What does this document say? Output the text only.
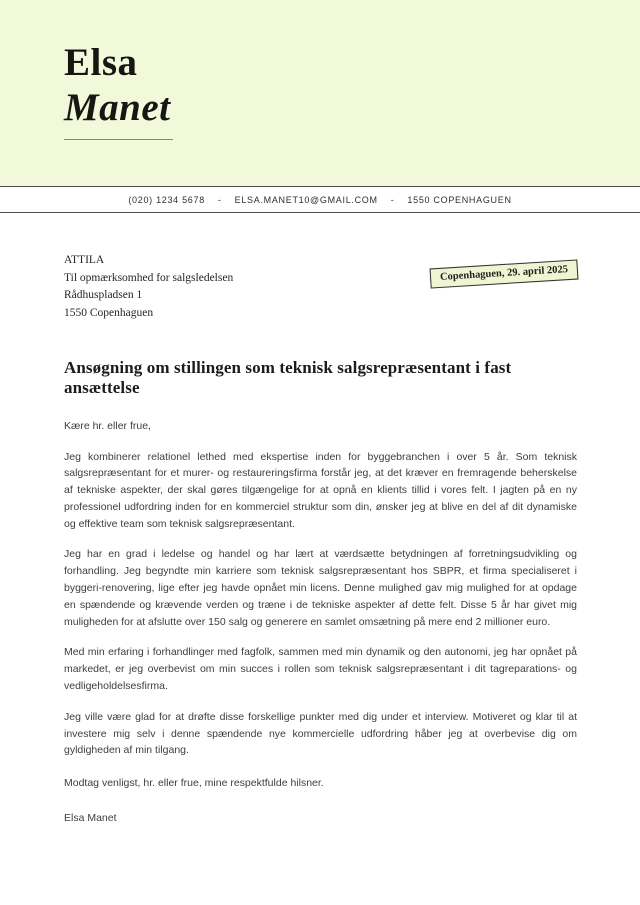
Elsa
Manet
(020) 1234 5678 - ELSA.MANET10@GMAIL.COM - 1550 COPENHAGUEN
ATTILA
Til opmærksomhed for salgsledelsen
Rådhuspladsen 1
1550 Copenhaguen
Copenhaguen, 29. april 2025
Ansøgning om stillingen som teknisk salgsrepræsentant i fast ansættelse

Kære hr. eller frue,

Jeg kombinerer relationel lethed med ekspertise inden for byggebranchen i over 5 år. Som teknisk salgsrepræsentant for et murer- og restaureringsfirma forstår jeg, at det kræver en fremragende beherskelse af tekniske aspekter, der skal gøres tilgængelige for at opnå en klients tillid i vores felt. I jagten på en ny professionel udfordring inden for en kommerciel struktur som din, ønsker jeg at blive en del af dit dynamiske og effektive team som teknisk salgsrepræsentant.

Jeg har en grad i ledelse og handel og har lært at værdsætte betydningen af forretningsudvikling og forhandling. Jeg begyndte min karriere som teknisk salgsrepræsentant hos SBPR, et firma specialiseret i byggeri-renovering, lige efter jeg havde opnået min licens. Denne mulighed gav mig mulighed for at opdage en spændende og krævende verden og træne i de tekniske aspekter af dette felt. Disse 5 år har givet mig muligheden for at afslutte over 150 salg og generere en samlet omsætning på mere end 2 millioner euro.

Med min erfaring i forhandlinger med fagfolk, sammen med min dynamik og den autonomi, jeg har opnået på markedet, er jeg overbevist om min succes i rollen som teknisk salgsrepræsentant i dit tagreparations- og vedligeholdelsesfirma.

Jeg ville være glad for at drøfte disse forskellige punkter med dig under et interview. Motiveret og klar til at investere mig selv i denne spændende nye kommercielle udfordring håber jeg at overbevise dig om gyldigheden af min tilgang.

Modtag venligst, hr. eller frue, mine respektfulde hilsner.

Elsa Manet
